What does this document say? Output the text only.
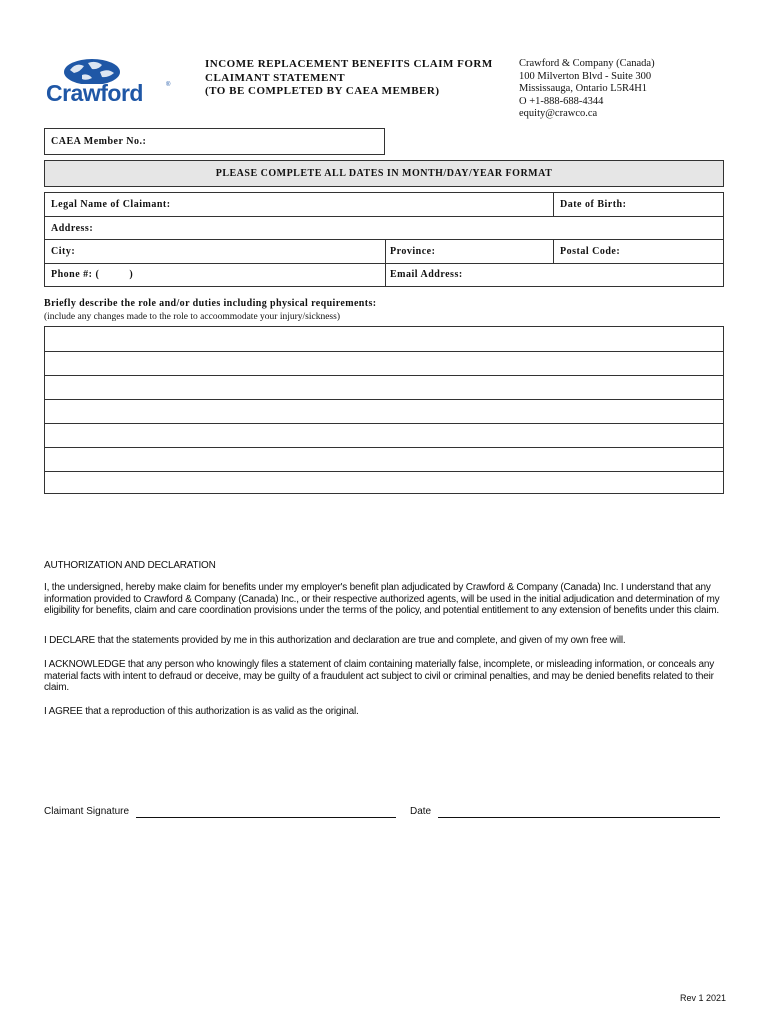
Crawford	®
INCOME REPLACEMENT BENEFITS CLAIM FORM
CLAIMANT STATEMENT
(TO BE COMPLETED BY CAEA MEMBER)
Crawford & Company (Canada)
100 Milverton Blvd - Suite 300
Mississauga, Ontario L5R4H1
O +1-888-688-4344
equity@crawco.ca
CAEA Member No.:
PLEASE COMPLETE ALL DATES IN MONTH/DAY/YEAR FORMAT
Legal Name of Claimant:	Date of Birth:
Address:
City:	Province:	Postal Code:
Phone #: (          )	Email Address:
Briefly describe the role and/or duties including physical requirements:
(include any changes made to the role to accoommodate your injury/sickness)
AUTHORIZATION AND DECLARATION
I, the undersigned, hereby make claim for benefits under my employer's benefit plan adjudicated by Crawford & Company (Canada) Inc. I understand that any information provided to Crawford & Company (Canada) Inc., or their respective authorized agents, will be used in the initial adjudication and determination of my eligibility for benefits, claim and care coordination provisions under the terms of the policy, and potential entitlement to any extension of benefits under this claim.
I DECLARE that the statements provided by me in this authorization and declaration are true and complete, and given of my own free will.
I ACKNOWLEDGE that any person who knowingly files a statement of claim containing materially false, incomplete, or misleading information, or conceals any material facts with intent to defraud or deceive, may be guilty of a fraudulent act subject to civil or criminal penalties, and may be denied benefits related to their claim.
I AGREE that a reproduction of this authorization is as valid as the original.
Claimant Signature	Date
Rev 1 2021
